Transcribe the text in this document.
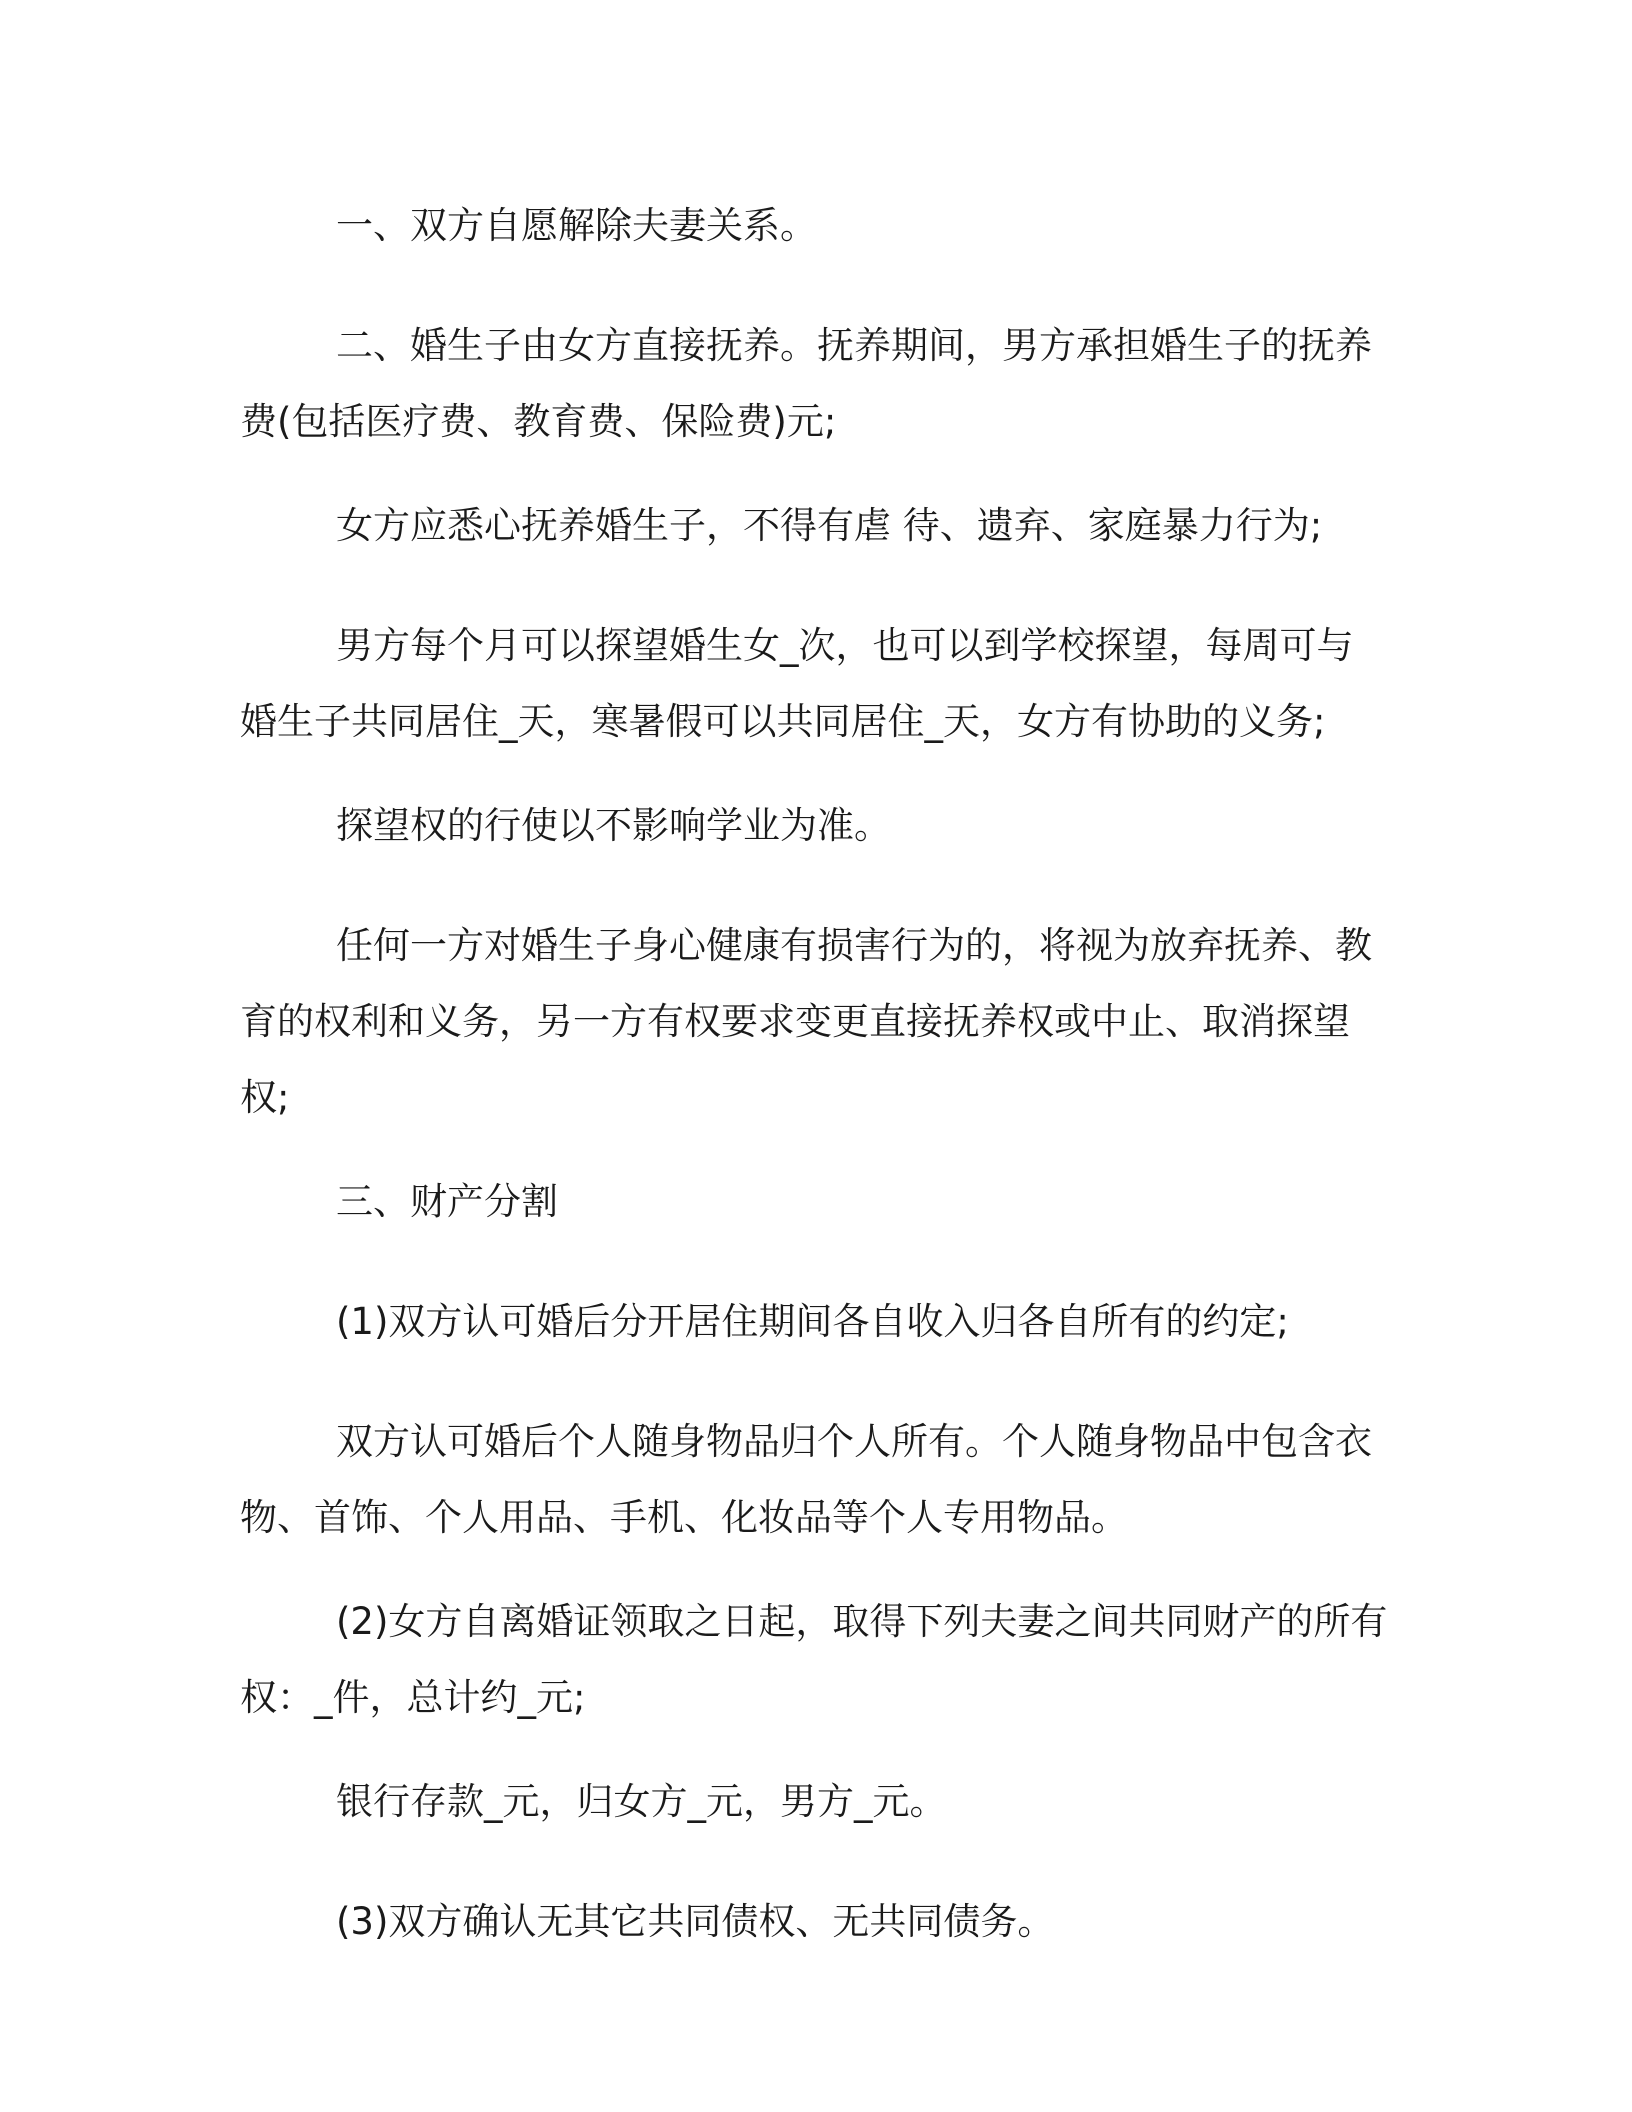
一、双方自愿解除夫妻关系。

二、婚生子由女方直接抚养。抚养期间，男方承担婚生子的抚养费(包括医疗费、教育费、保险费)元;

女方应悉心抚养婚生子，不得有虐 待、遗弃、家庭暴力行为;

男方每个月可以探望婚生女_次，也可以到学校探望，每周可与婚生子共同居住_天，寒暑假可以共同居住_天，女方有协助的义务;

探望权的行使以不影响学业为准。

任何一方对婚生子身心健康有损害行为的，将视为放弃抚养、教育的权利和义务，另一方有权要求变更直接抚养权或中止、取消探望权;

三、财产分割

(1)双方认可婚后分开居住期间各自收入归各自所有的约定;

双方认可婚后个人随身物品归个人所有。个人随身物品中包含衣物、首饰、个人用品、手机、化妆品等个人专用物品。

(2)女方自离婚证领取之日起，取得下列夫妻之间共同财产的所有权：_件，总计约_元;

银行存款_元，归女方_元，男方_元。

(3)双方确认无其它共同债权、无共同债务。
